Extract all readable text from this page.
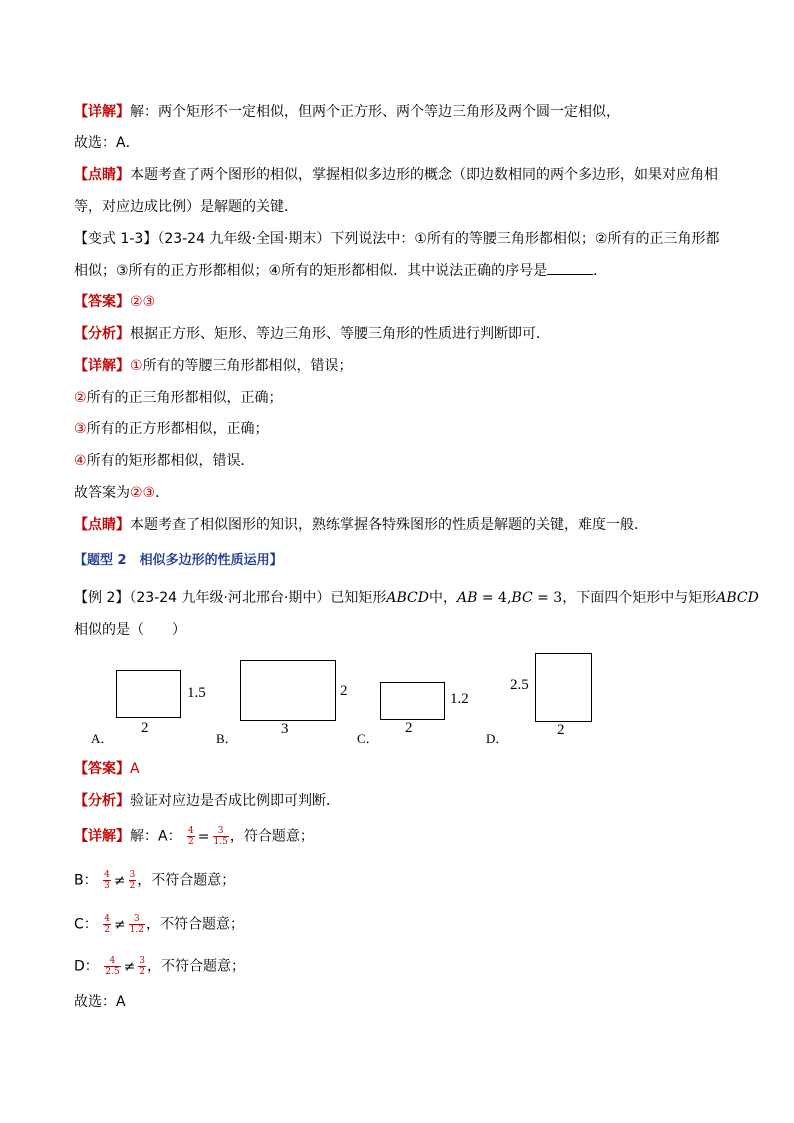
【详解】解：两个矩形不一定相似，但两个正方形、两个等边三角形及两个圆一定相似，
故选：A．
【点睛】本题考查了两个图形的相似，掌握相似多边形的概念（即边数相同的两个多边形，如果对应角相
等，对应边成比例）是解题的关键．
【变式 1-3】（23-24 九年级·全国·期末）下列说法中：①所有的等腰三角形都相似；②所有的正三角形都
相似；③所有的正方形都相似；④所有的矩形都相似．其中说法正确的序号是	．
【答案】②③
【分析】根据正方形、矩形、等边三角形、等腰三角形的性质进行判断即可．
【详解】①所有的等腰三角形都相似，错误；
②所有的正三角形都相似，正确；
③所有的正方形都相似，正确；
④所有的矩形都相似，错误．
故答案为②③．
【点睛】本题考查了相似图形的知识，熟练掌握各特殊图形的性质是解题的关键，难度一般．
【题型 2　相似多边形的性质运用】
【例 2】（23-24 九年级·河北邢台·期中）已知矩形ABCD中，AB = 4,BC = 3，下面四个矩形中与矩形ABCD
相似的是（　　）
1.5
2
A．
2
3
B．
1.2
2
C．
2.5
2
D．
【答案】A
【分析】验证对应边是否成比例即可判断．
【详解】解：A： $\frac{4}{2} = \frac{3}{1.5}$ ，符合题意；
B： $\frac{4}{3} \ne \frac{3}{2}$ ，不符合题意；
C： $\frac{4}{2} \ne \frac{3}{1.2}$ ，不符合题意；
D： $\frac{4}{2.5} \ne \frac{3}{2}$ ，不符合题意；
故选：A
